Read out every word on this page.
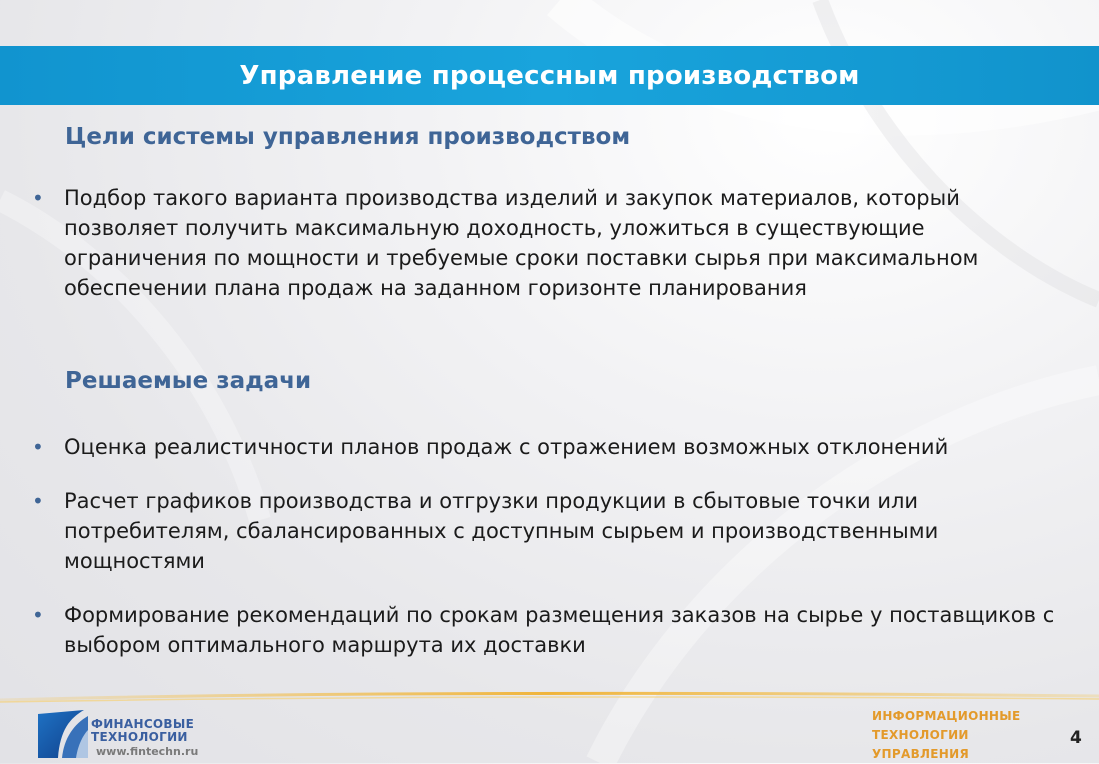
Управление процессным производством
Цели системы управления производством
• Подбор такого варианта производства изделий и закупок материалов, который позволяет получить максимальную доходность, уложиться в существующие ограничения по мощности и требуемые сроки поставки сырья при максимальном обеспечении плана продаж на заданном горизонте планирования
Решаемые задачи
• Оценка реалистичности планов продаж с отражением возможных отклонений
• Расчет графиков производства и отгрузки продукции в сбытовые точки или потребителям, сбалансированных с доступным сырьем и производственными мощностями
• Формирование рекомендаций по срокам размещения заказов на сырье у поставщиков с выбором оптимального маршрута их доставки
ФИНАНСОВЫЕ
ТЕХНОЛОГИИ
www.fintechn.ru
ИНФОРМАЦИОННЫЕ
ТЕХНОЛОГИИ
УПРАВЛЕНИЯ
4
